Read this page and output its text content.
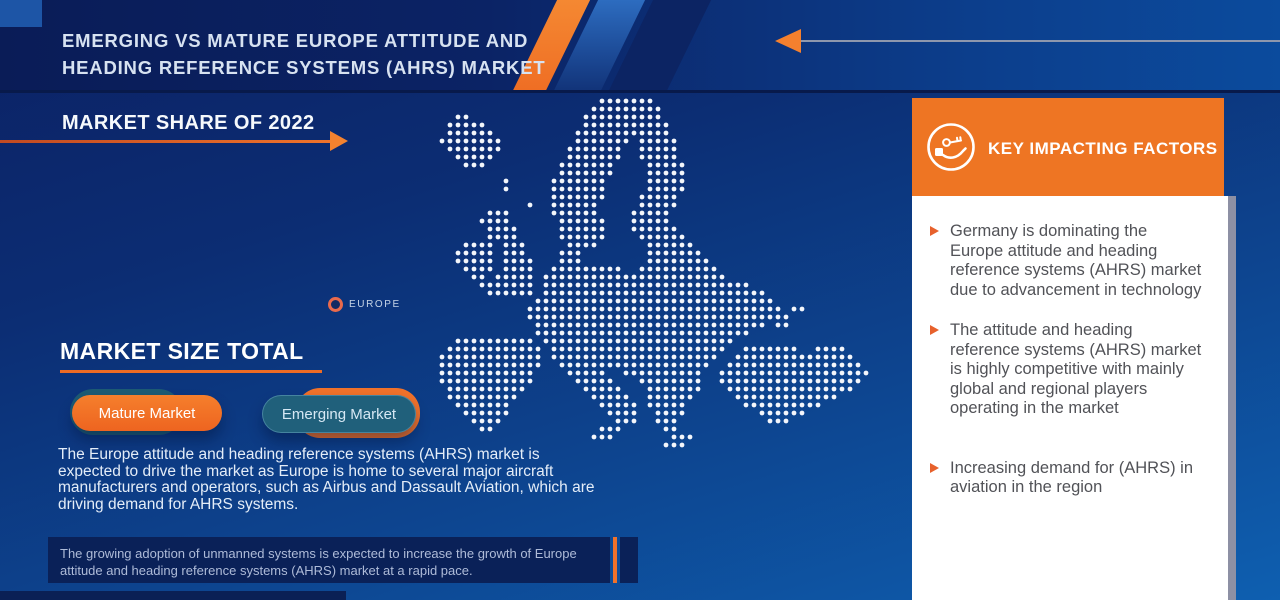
EMERGING VS MATURE EUROPE ATTITUDE AND
HEADING REFERENCE SYSTEMS (AHRS) MARKET
MARKET SHARE OF 2022
EUROPE
MARKET SIZE TOTAL
Mature Market	Emerging Market
The Europe attitude and heading reference systems (AHRS) market is expected to drive the market as Europe is home to several major aircraft manufacturers and operators, such as Airbus and Dassault Aviation, which are driving demand for AHRS systems.
The growing adoption of unmanned systems is expected to increase the growth of Europe attitude and heading reference systems (AHRS) market at a rapid pace.
KEY IMPACTING FACTORS
Germany is dominating the Europe attitude and heading reference systems (AHRS) market due to advancement in technology
The attitude and heading reference systems (AHRS) market is highly competitive with mainly global and regional players operating in the market
Increasing demand for (AHRS) in aviation in the region
